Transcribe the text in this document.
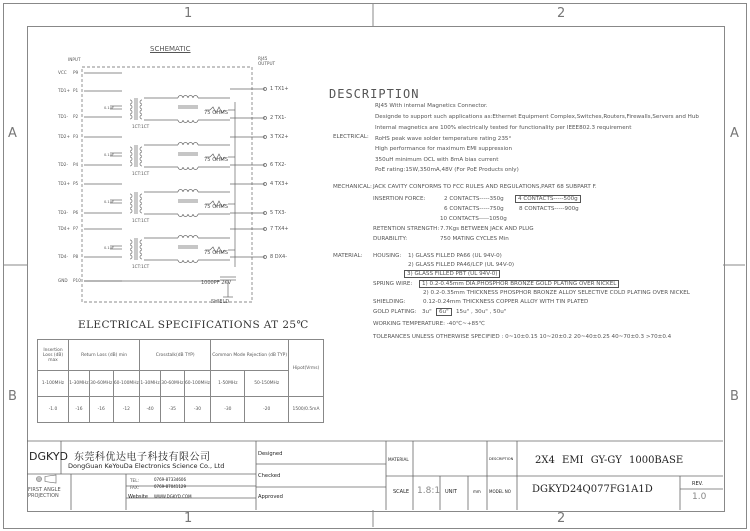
1	2
1	2
A
B
A
B
SCHEMATIC
INPUT	RJ45
OUTPUT
VCC P9
TD1+ P1
TD1- P2
TD2+ P3
TD2- P4
TD3+ P5
TD3- P6
TD4+ P7
TD4- P8
GND P10
1 TX1+
2 TX1-
3 TX2+
6 TX2-
4 TX3+
5 TX3-
7 TX4+
8 DX4-
1CT:1CT
75 OHMS
0.1uF
1CT:1CT
75 OHMS
0.1uF
1CT:1CT
75 OHMS
0.1uF
1CT:1CT
75 OHMS
0.1uF
1000PF 2KV
SHIELD
DESCRIPTION
RJ45 With internal Magnetics Connector.
Designde to support such applications as:Ethernet Equipment Complex,Switches,Routers,Firewalls,Servers and Hub
Internal magnetics are 100% electrically tested for functionality per IEEE802.3 requirement
ELECTRICAL: RoHS peak wave solder temperature rating 235°
High performance for maximum EMI suppression
350uH minimum OCL with 8mA bias current
PoE rating:15W,350mA,48V (For PoE Products only)
MECHANICAL: JACK CAVITY CONFORMS TO FCC RULES AND REGULATIONS,PART 68 SUBPART F.
INSERTION FORCE:	2 CONTACTS-----350g	4 CONTACTS-----500g
6 CONTACTS-----750g	8 CONTACTS-----900g
10 CONTACTS-----1050g
RETENTION STRENGTH: 7.7Kgs BETWEEN JACK AND PLUG
DURABILITY:	750 MATING CYCLES Min
MATERIAL: HOUSING: 1) GLASS FILLED PA66 (UL 94V-0)
2) GLASS FILLED PA46/LCP (UL 94V-0)
3) GLASS FILLED PBT (UL 94V-0)
SPRING WIRE:	1) 0.2-0.45mm DIA.PHOSPHOR BRONZE GOLD PLATING OVER NICKEL
2) 0.2-0.35mm THICKNESS PHOSPHOR BRONZE ALLOY SELECTIVE COLD PLATING OVER NICKEL
SHIELDING:	0.12-0.24mm THICKNESS COPPER ALLOY WITH TIN PLATED
GOLD PLATING: 3u"	6u"	15u" , 30u" , 50u"
WORKING TEMPERATURE: -40℃~+85℃
TOLERANCES UNLESS OTHERWISE SPECIFIED : 0~10±0.15 10~20±0.2 20~40±0.25 40~70±0.3 >70±0.4
ELECTRICAL SPECIFICATIONS AT 25℃
Insertion Loss (dB) max	Return Loss (dB) min			Crosstalk(dB TYP)			Common Mode Rejection (dB TYP)		Hipot(Vrms)
1-100MHz	1-30MHz	30-60MHz	60-100MHz	1-30MHz	30-60MHz	60-100MHz	1-50MHz	50-150MHz	
-1.0	-16	-16	-12	-40	-35	-30	-30	-20	1500/0.5mA
DGKYD 东莞科优达电子科技有限公司
DongGuan KeYouDa Electronics Science Co., Ltd
FIRST ANGLE
PROJECTION
TEL:	0769-87334606
FAX:	0769-87041129
Website WWW.DGKYD.COM
Designed
Checked
Approved
MATERIAL	DESCRIPTION 2X4 EMI GY-GY 1000BASE
SCALE 1.8:1 UNIT	mm MODEL NO DGKYD24Q077FG1A1D	REV.
1.0
